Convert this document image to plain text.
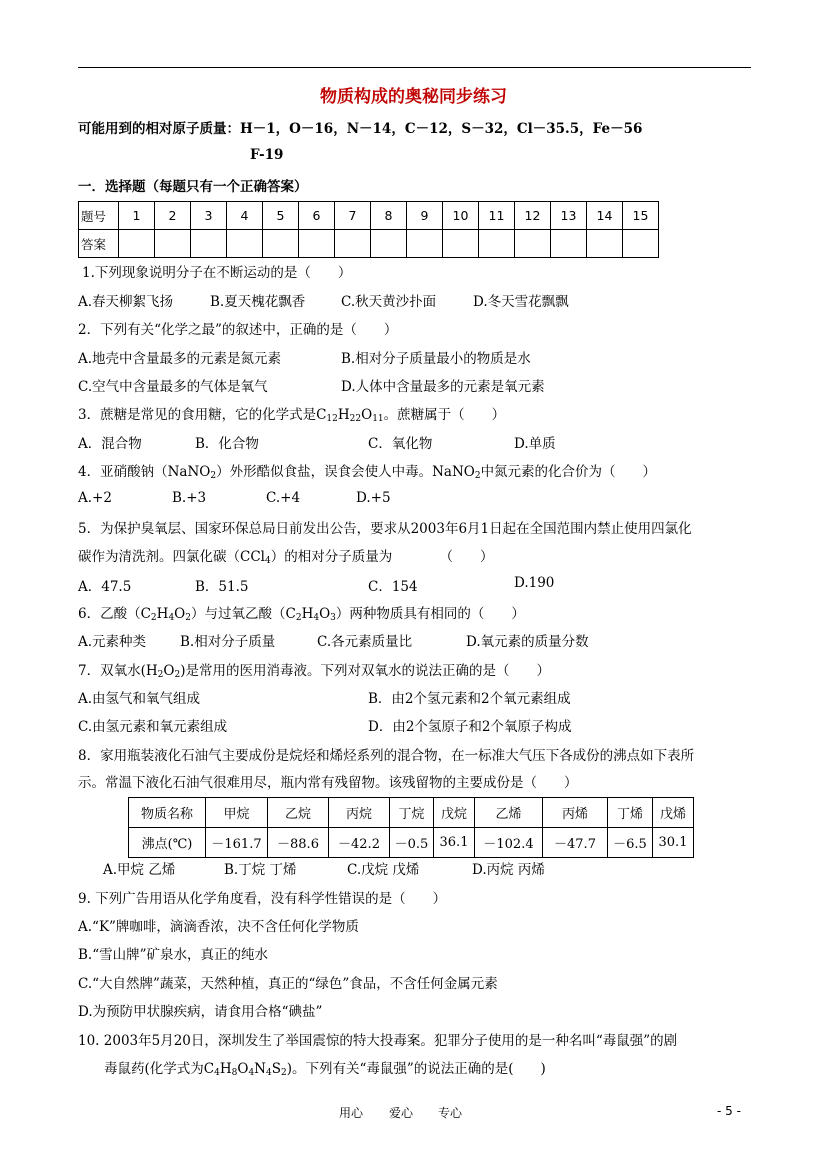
物质构成的奥秘同步练习
可能用到的相对原子质量：H－1，O－16，N－14，C－12，S－32，Cl－35.5，Fe－56
F-19
一．选择题（每题只有一个正确答案）
题号	1	2	3	4	5	6	7	8	9	10	11	12	13	14	15
答案															
1.下列现象说明分子在不断运动的是（　　）
A.春天柳絮飞扬	B.夏天槐花飘香	C.秋天黄沙扑面	D.冬天雪花飘飘
2．下列有关“化学之最”的叙述中，正确的是（　　）
A.地壳中含量最多的元素是氮元素	B.相对分子质量最小的物质是水
C.空气中含量最多的气体是氧气	D.人体中含量最多的元素是氧元素
3．蔗糖是常见的食用糖，它的化学式是$C_{12}H_{22}O_{11}$。蔗糖属于（　　）
A．混合物	B．化合物	C．氧化物	D.单质
4．亚硝酸钠（NaNO$_2$）外形酷似食盐，误食会使人中毒。NaNO$_2$中氮元素的化合价为（　　）
A.+2	B.+3	C.+4	D.+5
5．为保护臭氧层、国家环保总局日前发出公告，要求从2003年6月1日起在全国范围内禁止使用四氯化
碳作为清洗剂。四氯化碳（CCl$_4$）的相对分子质量为　　　　（　　）
A．47.5	B．51.5	C．154	D.190
6．乙酸$(C_2H_4O_2)$与过氧乙酸$(C_2H_4O_3)$两种物质具有相同的（　　）
A.元素种类	B.相对分子质量	C.各元素质量比	D.氧元素的质量分数
7．双氧水$(H_2O_2)$是常用的医用消毒液。下列对双氧水的说法正确的是（　　）
A.由氢气和氧气组成	B．由2个氢元素和2个氧元素组成
C.由氢元素和氧元素组成	D．由2个氢原子和2个氧原子构成
8．家用瓶装液化石油气主要成份是烷烃和烯烃系列的混合物，在一标准大气压下各成份的沸点如下表所
示。常温下液化石油气很难用尽，瓶内常有残留物。该残留物的主要成份是（　　）
物质名称	甲烷	乙烷	丙烷	丁烷	戊烷	乙烯	丙烯	丁烯	戊烯
沸点(℃)	－161.7	－88.6	－42.2	－0.5	36.1	－102.4	－47.7	－6.5	30.1
A.甲烷 乙烯	B.丁烷 丁烯	C.戊烷 戊烯	D.丙烷 丙烯
9. 下列广告用语从化学角度看，没有科学性错误的是（　　）
A.“K”牌咖啡，滴滴香浓，决不含任何化学物质
B.“雪山牌”矿泉水，真正的纯水
C.“大自然牌”蔬菜，天然种植，真正的“绿色”食品，不含任何金属元素
D.为预防甲状腺疾病，请食用合格“碘盐”
10. 2003年5月20日，深圳发生了举国震惊的特大投毒案。犯罪分子使用的是一种名叫“毒鼠强”的剧
毒鼠药(化学式为$C_4H_8O_4N_4S_2$)。下列有关“毒鼠强”的说法正确的是(　　)
用心 爱心 专心	- 5 -
